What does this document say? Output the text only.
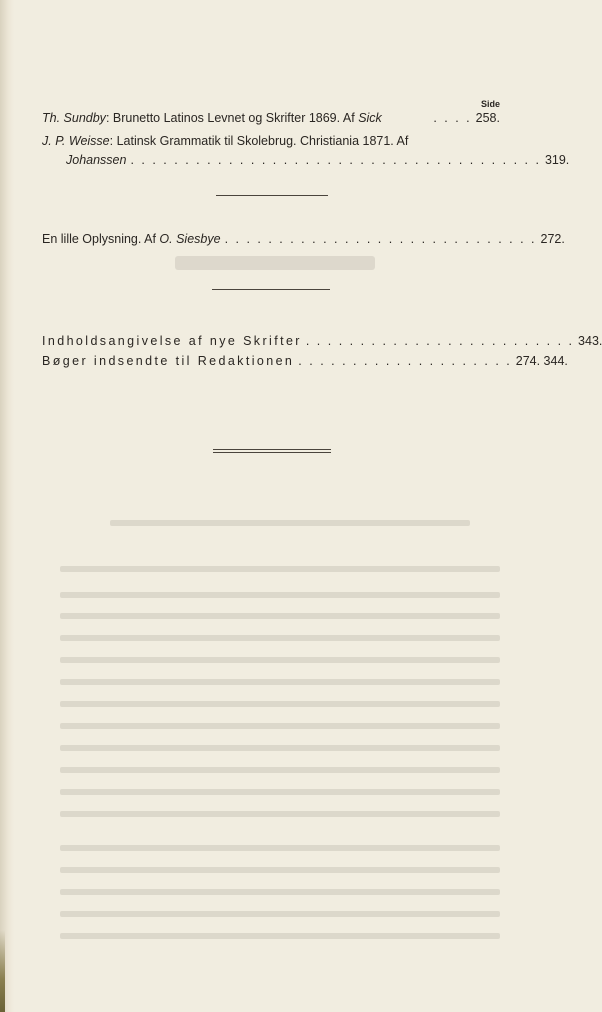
Side
Th. Sundby : Brunetto Latinos Levnet og Skrifter 1869. Af Sick	. . . . 258.
J. P. Weisse : Latinsk Grammatik til Skolebrug. Christiania 1871. Af
Johanssen . . . . . . . . . . . . . . . . . . . . . . . . . . . . . . . . . . . . . . 319.
En lille Oplysning. Af O. Siesbye . . . . . . . . . . . . . . . . . . . . . . . . . . . . . 272.
Indholdsangivelse af nye Skrifter . . . . . . . . . . . . . . . . . . . . . . . . . 343.
Bøger indsendte til Redaktionen . . . . . . . . . . . . . . . . . . . . 274. 344.
